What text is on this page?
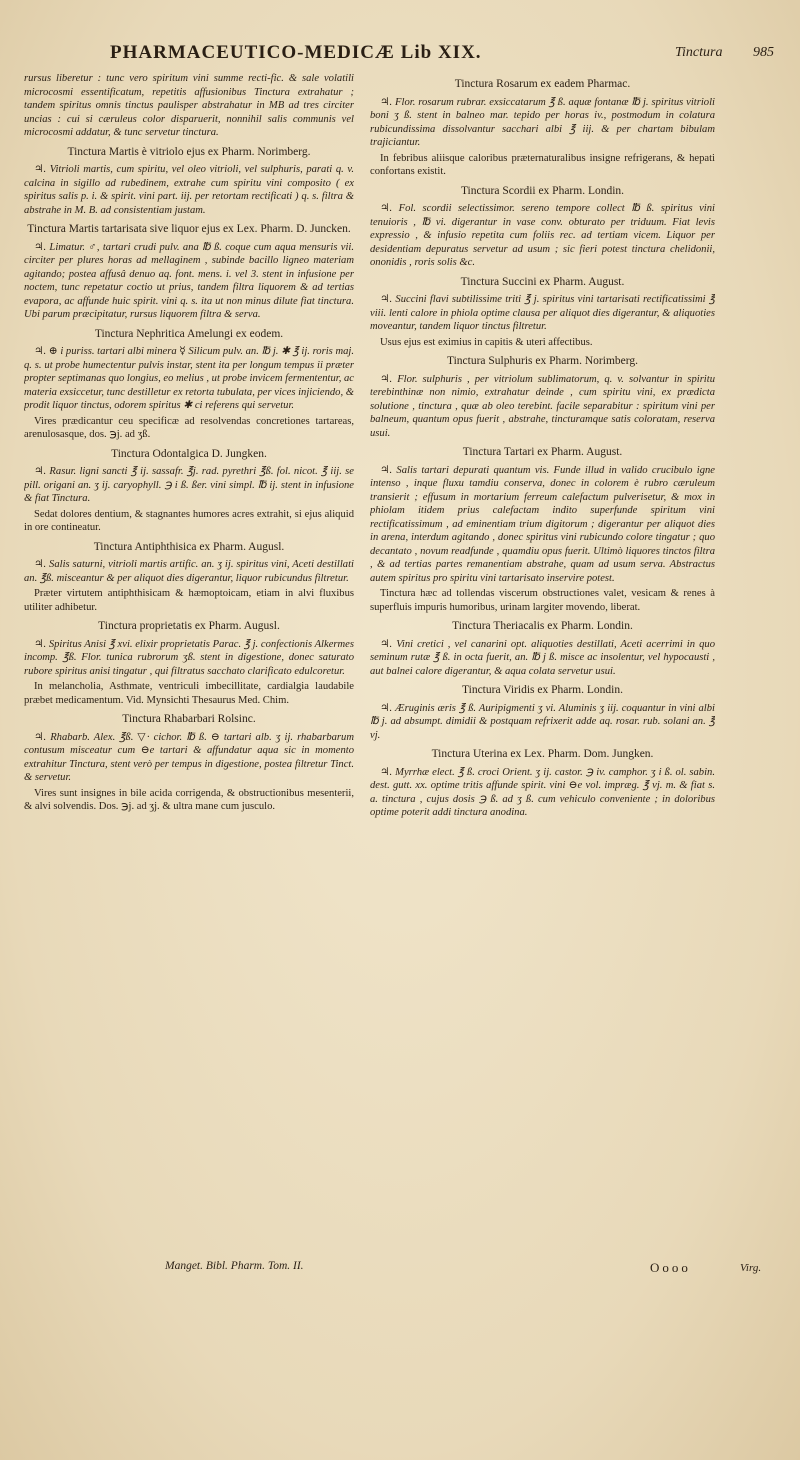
PHARMACEUTICO-MEDICÆ Lib XIX.	Tinctura 985
rursus liberetur : tunc vero spiritum vini summe recti-fic. & sale volatili microcosmi essentificatum, repetitis affusionibus Tinctura extrahatur ; tandem spiritus omnis tinctus paulisper abstrahatur in MB ad tres circiter uncias : cui si cæruleus color disparuerit, nonnihil salis communis vel microcosmi addatur, & tunc servetur tinctura.
Tinctura Martis è vitriolo ejus ex Pharm. Norimberg.
♃. Vitrioli martis, cum spiritu, vel oleo vitrioli, vel sulphuris, parati q. v. calcina in sigillo ad rubedinem, extrahe cum spiritu vini composito ( ex spiritus salis p. i. & spirit. vini part. iij. per retortam rectificati ) q. s. filtra & abstrahe in M. B. ad consistentiam justam.
Tinctura Martis tartarisata sive liquor ejus ex Lex. Pharm. D. Juncken.
♃. Limatur. ♂, tartari crudi pulv. ana ℔ ß. coque cum aqua mensuris vii. circiter per plures horas ad mellaginem , subinde bacillo ligneo materiam agitando; postea affusâ denuo aq. font. mens. i. vel 3. stent in infusione per noctem, tunc repetatur coctio ut prius, tandem filtra liquorem & ad tertias evapora, ac affunde huic spirit. vini q. s. ita ut non minus dilute fiat tinctura. Ubi parum præcipitatur, rursus liquorem filtra & serva.
Tinctura Nephritica Amelungi ex eodem.
♃. ⊕ i puriss. tartari albi minera ☿ Silicum pulv. an. ℔ j. ✱ ℥ ij. roris maj. q. s. ut probe humectentur pulvis instar, stent ita per longum tempus ii præter propter septimanas quo longius, eo melius , ut probe invicem fermententur, ac materia exsiccetur, tunc destilletur ex retorta tubulata, per vices injiciendo, & prodit liquor tinctus, odorem spiritus ✱ ci referens qui servetur.
Vires prædicantur ceu specificæ ad resolvendas concretiones tartareas, arenulosasque, dos. ℈j. ad ʒß.
Tinctura Odontalgica D. Jungken.
♃. Rasur. ligni sancti ℥ ij. sassafr. ℥j. rad. pyrethri ℥ß. fol. nicot. ℥ iij. se pill. origani an. ʒ ij. caryophyll. ℈ i ß. ßer. vini simpl. ℔ ij. stent in infusione & fiat Tinctura.
Sedat dolores dentium, & stagnantes humores acres extrahit, si ejus aliquid in ore contineatur.
Tinctura Antiphthisica ex Pharm. Augusl.
♃. Salis saturni, vitrioli martis artific. an. ʒ ij. spiritus vini, Aceti destillati an. ℥ß. misceantur & per aliquot dies digerantur, liquor rubicundus filtretur.
Præter virtutem antiphthisicam & hæmoptoicam, etiam in alvi fluxibus utiliter adhibetur.
Tinctura proprietatis ex Pharm. Augusl.
♃. Spiritus Anisi ℥ xvi. elixir proprietatis Parac. ℥ j. confectionis Alkermes incomp. ℥ß. Flor. tunica rubrorum ʒß. stent in digestione, donec saturato rubore spiritus anisi tingatur , qui filtratus sacchato clarificato edulcoretur.
In melancholia, Asthmate, ventriculi imbecillitate, cardialgia laudabile præbet medicamentum. Vid. Mynsichti Thesaurus Med. Chim.
Tinctura Rhabarbari Rolsinc.
♃. Rhabarb. Alex. ℥ß. ▽· cichor. ℔ ß. ⊖ tartari alb. ʒ ij. rhabarbarum contusum misceatur cum ⊖e tartari & affundatur aqua sic in momento extrahitur Tinctura, stent verò per tempus in digestione, postea filtretur Tinct. & servetur.
Vires sunt insignes in bile acida corrigenda, & obstructionibus mesenterii, & alvi solvendis. Dos. ℈j. ad ʒj. & ultra mane cum jusculo.
Tinctura Rosarum ex eadem Pharmac.
♃. Flor. rosarum rubrar. exsiccatarum ℥ ß. aquæ fontanæ ℔ j. spiritus vitrioli boni ʒ ß. stent in balneo mar. tepido per horas iv., postmodum in colatura rubicundissima dissolvantur sacchari albi ℥ iij. & per chartam bibulam trajiciantur.
In febribus aliisque caloribus præternaturalibus insigne refrigerans, & hepati confortans existit.
Tinctura Scordii ex Pharm. Londin.
♃. Fol. scordii selectissimor. sereno tempore collect ℔ ß. spiritus vini tenuioris , ℔ vi. digerantur in vase conv. obturato per triduum. Fiat levis expressio , & infusio repetita cum foliis rec. ad tertiam vicem. Liquor per desidentiam depuratus servetur ad usum ; sic fieri potest tinctura chelidonii, ononidis , roris solis &c.
Tinctura Succini ex Pharm. August.
♃. Succini flavi subtilissime triti ℥ j. spiritus vini tartarisati rectificatissimi ℥ viii. lenti calore in phiola optime clausa per aliquot dies digerantur, & aliquoties moveantur, tandem liquor tinctus filtretur.
Usus ejus est eximius in capitis & uteri affectibus.
Tinctura Sulphuris ex Pharm. Norimberg.
♃. Flor. sulphuris , per vitriolum sublimatorum, q. v. solvantur in spiritu terebinthinæ non nimio, extrahatur deinde , cum spiritu vini, ex prædicta solutione , tinctura , quæ ab oleo terebint. facile separabitur : spiritum vini per balneum, quantum opus fuerit , abstrahe, tincturamque satis coloratam, reserva usui.
Tinctura Tartari ex Pharm. August.
♃. Salis tartari depurati quantum vis. Funde illud in valido crucibulo igne intenso , inque fluxu tamdiu conserva, donec in colorem è rubro cæruleum transierit ; effusum in mortarium ferreum calefactum pulverisetur, & mox in phiolam itidem prius calefactam indito superfunde spiritum vini rectificatissimum , ad eminentiam trium digitorum ; digerantur per aliquot dies in arena, interdum agitando , donec spiritus vini rubicundo colore tingatur ; quo decantato , novum readfunde , quamdiu opus fuerit. Ultimò liquores tinctos filtra , & ad tertias partes remanentiam abstrahe, quam ad usum serva. Abstractus autem spiritus pro spiritu vini tartarisato inservire potest.
Tinctura hæc ad tollendas viscerum obstructiones valet, vesicam & renes à superfluis impuris humoribus, urinam largiter movendo, liberat.
Tinctura Theriacalis ex Pharm. Londin.
♃. Vini cretici , vel canarini opt. aliquoties destillati, Aceti acerrimi in quo seminum rutæ ℥ ß. in octa fuerit, an. ℔ j ß. misce ac insolentur, vel hypocausti , aut balnei calore digerantur, & aqua colata servetur usui.
Tinctura Viridis ex Pharm. Londin.
♃. Æruginis æris ℥ ß. Auripigmenti ʒ vi. Aluminis ʒ iij. coquantur in vini albi ℔ j. ad absumpt. dimidii & postquam refrixerit adde aq. rosar. rub. solani an. ℥ vj.
Tinctura Uterina ex Lex. Pharm. Dom. Jungken.
♃. Myrrhæ elect. ℥ ß. croci Orient. ʒ ij. castor. ℈ iv. camphor. ʒ i ß. ol. sabin. dest. gutt. xx. optime tritis affunde spirit. vini ⊖e vol. impræg. ℥ vj. m. & fiat s. a. tinctura , cujus dosis ℈ ß. ad ʒ ß. cum vehiculo conveniente ; in doloribus optime poterit addi tinctura anodina.
Manget. Bibl. Pharm. Tom. II.	Oooo	Virg.
